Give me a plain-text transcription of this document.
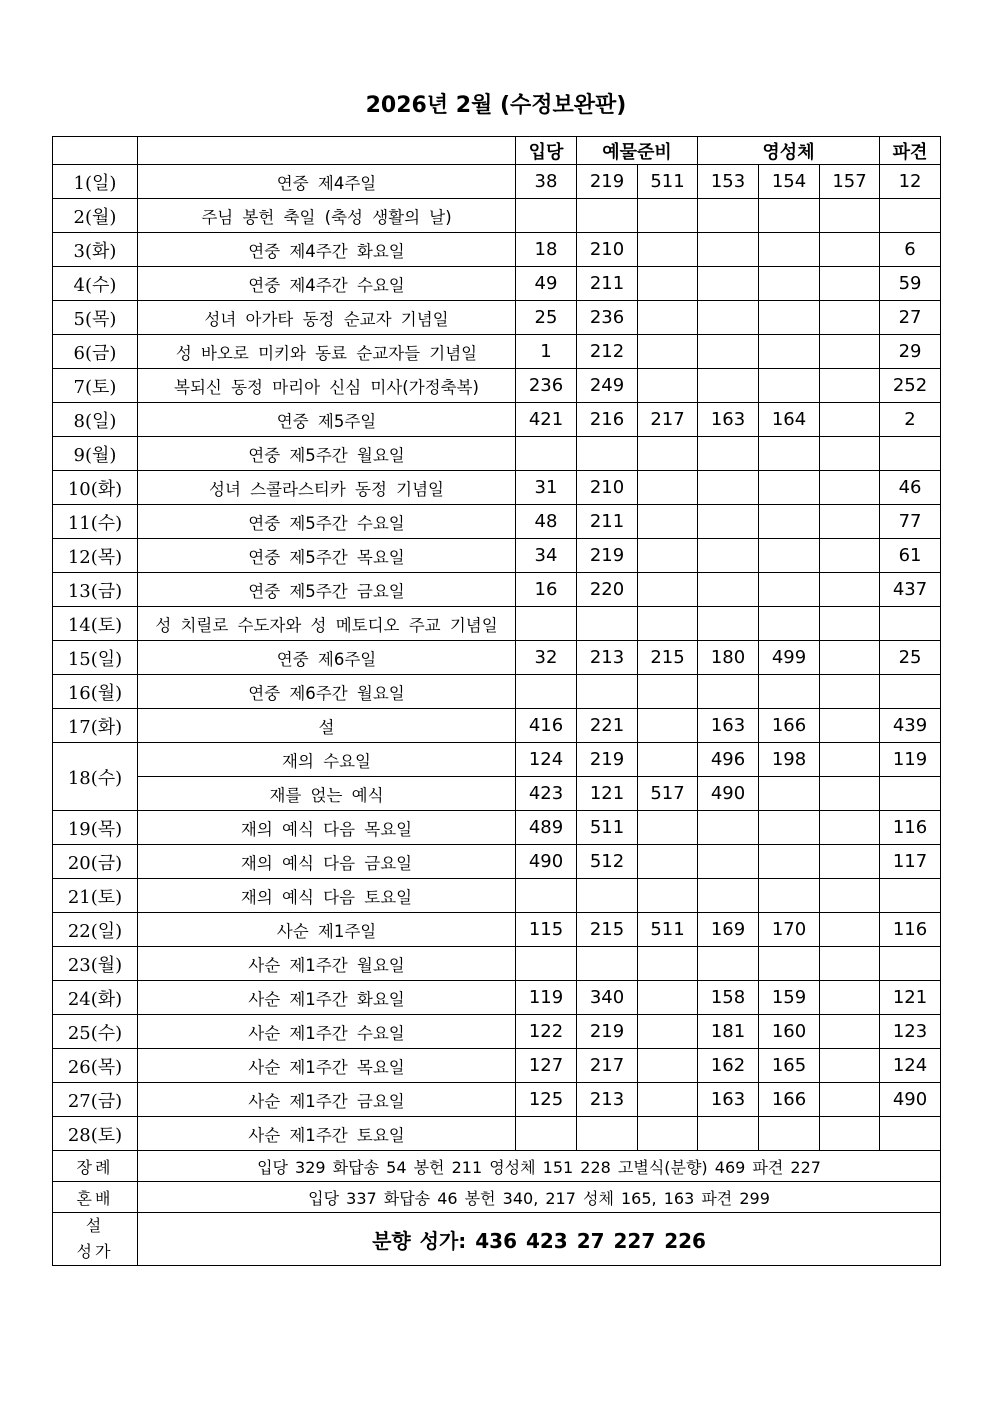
2026년 2월 (수정보완판)
		입당	예물준비		영성체			파견
1(일)	연중 제4주일	38	219	511	153	154	157	12
2(월)	주님 봉헌 축일 (축성 생활의 날)							
3(화)	연중 제4주간 화요일	18	210					6
4(수)	연중 제4주간 수요일	49	211					59
5(목)	성녀 아가타 동정 순교자 기념일	25	236					27
6(금)	성 바오로 미키와 동료 순교자들 기념일	1	212					29
7(토)	복되신 동정 마리아 신심 미사(가정축복)	236	249					252
8(일)	연중 제5주일	421	216	217	163	164		2
9(월)	연중 제5주간 월요일							
10(화)	성녀 스콜라스티카 동정 기념일	31	210					46
11(수)	연중 제5주간 수요일	48	211					77
12(목)	연중 제5주간 목요일	34	219					61
13(금)	연중 제5주간 금요일	16	220					437
14(토)	성 치릴로 수도자와 성 메토디오 주교 기념일							
15(일)	연중 제6주일	32	213	215	180	499		25
16(월)	연중 제6주간 월요일							
17(화)	설	416	221		163	166		439
18(수)	재의 수요일	124	219		496	198		119
	재를 얹는 예식	423	121	517	490			
19(목)	재의 예식 다음 목요일	489	511					116
20(금)	재의 예식 다음 금요일	490	512					117
21(토)	재의 예식 다음 토요일							
22(일)	사순 제1주일	115	215	511	169	170		116
23(월)	사순 제1주간 월요일							
24(화)	사순 제1주간 화요일	119	340		158	159		121
25(수)	사순 제1주간 수요일	122	219		181	160		123
26(목)	사순 제1주간 목요일	127	217		162	165		124
27(금)	사순 제1주간 금요일	125	213		163	166		490
28(토)	사순 제1주간 토요일							
장례	입당 329 화답송 54 봉헌 211 영성체 151 228 고별식(분향) 469 파견 227							
혼배	입당 337 화답송 46 봉헌 340, 217 성체 165, 163 파견 299							

설
성가	분향 성가: 436 423 27 227 226							
